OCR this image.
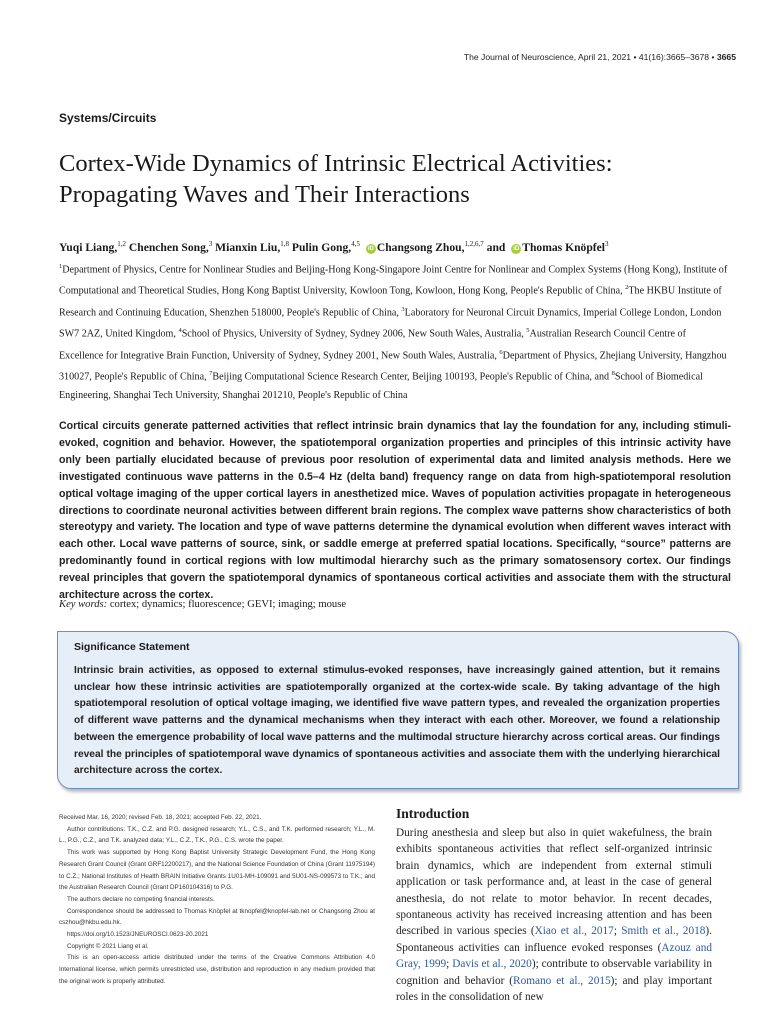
The Journal of Neuroscience, April 21, 2021 • 41(16):3665–3678 • 3665
Systems/Circuits
Cortex-Wide Dynamics of Intrinsic Electrical Activities:
Propagating Waves and Their Interactions
Yuqi Liang,$^{1,2}$ Chenchen Song,$^3$ Mianxin Liu,$^{1,8}$ Pulin Gong,$^{4,5}$ iD Changsong Zhou,$^{1,2,6,7}$ and iD Thomas Knöpfel$^3$
$^1$Department of Physics, Centre for Nonlinear Studies and Beijing-Hong Kong-Singapore Joint Centre for Nonlinear and Complex Systems (Hong Kong), Institute of Computational and Theoretical Studies, Hong Kong Baptist University, Kowloon Tong, Kowloon, Hong Kong, People's Republic of China, $^2$The HKBU Institute of Research and Continuing Education, Shenzhen 518000, People's Republic of China, $^3$Laboratory for Neuronal Circuit Dynamics, Imperial College London, London SW7 2AZ, United Kingdom, $^4$School of Physics, University of Sydney, Sydney 2006, New South Wales, Australia, $^5$Australian Research Council Centre of Excellence for Integrative Brain Function, University of Sydney, Sydney 2001, New South Wales, Australia, $^6$Department of Physics, Zhejiang University, Hangzhou 310027, People's Republic of China, $^7$Beijing Computational Science Research Center, Beijing 100193, People's Republic of China, and $^8$School of Biomedical Engineering, Shanghai Tech University, Shanghai 201210, People's Republic of China
Cortical circuits generate patterned activities that reflect intrinsic brain dynamics that lay the foundation for any, including stimuli-evoked, cognition and behavior. However, the spatiotemporal organization properties and principles of this intrinsic activity have only been partially elucidated because of previous poor resolution of experimental data and limited analysis methods. Here we investigated continuous wave patterns in the 0.5–4 Hz (delta band) frequency range on data from high-spatiotemporal resolution optical voltage imaging of the upper cortical layers in anesthetized mice. Waves of population activities propagate in heterogeneous directions to coordinate neuronal activities between different brain regions. The complex wave patterns show characteristics of both stereotypy and variety. The location and type of wave patterns determine the dynamical evolution when different waves interact with each other. Local wave patterns of source, sink, or saddle emerge at preferred spatial locations. Specifically, “source” patterns are predominantly found in cortical regions with low multimodal hierarchy such as the primary somatosensory cortex. Our findings reveal principles that govern the spatiotemporal dynamics of spontaneous cortical activities and associate them with the structural architecture across the cortex.
Key words: cortex; dynamics; fluorescence; GEVI; imaging; mouse
Significance Statement
Intrinsic brain activities, as opposed to external stimulus-evoked responses, have increasingly gained attention, but it remains unclear how these intrinsic activities are spatiotemporally organized at the cortex-wide scale. By taking advantage of the high spatiotemporal resolution of optical voltage imaging, we identified five wave pattern types, and revealed the organization properties of different wave patterns and the dynamical mechanisms when they interact with each other. Moreover, we found a relationship between the emergence probability of local wave patterns and the multimodal structure hierarchy across cortical areas. Our findings reveal the principles of spatiotemporal wave dynamics of spontaneous activities and associate them with the underlying hierarchical architecture across the cortex.

Received Mar. 16, 2020; revised Feb. 18, 2021; accepted Feb. 22, 2021.

Author contributions: T.K., C.Z. and P.G. designed research; Y.L., C.S., and T.K. performed research; Y.L., M. L., P.G., C.Z., and T.K. analyzed data; Y.L., C.Z., T.K., P.G., C.S. wrote the paper.

This work was supported by Hong Kong Baptist University Strategic Development Fund, the Hong Kong Research Grant Council (Grant GRF12200217), and the National Science Foundation of China (Grant 11975194) to C.Z.; National Institutes of Health BRAIN Initiative Grants 1U01-MH-109091 and 5U01-NS-099573 to T.K.; and the Australian Research Council (Grant DP160104316) to P.G.

The authors declare no competing financial interests.

Correspondence should be addressed to Thomas Knöpfel at tknopfel@knopfel-lab.net or Changsong Zhou at cszhou@hkbu.edu.hk.

https://doi.org/10.1523/JNEUROSCI.0623-20.2021

Copyright © 2021 Liang et al.

This is an open-access article distributed under the terms of the Creative Commons Attribution 4.0 International license, which permits unrestricted use, distribution and reproduction in any medium provided that the original work is properly attributed.

Introduction
During anesthesia and sleep but also in quiet wakefulness, the brain exhibits spontaneous activities that reflect self-organized intrinsic brain dynamics, which are independent from external stimuli application or task performance and, at least in the case of general anesthesia, do not relate to motor behavior. In recent decades, spontaneous activity has received increasing attention and has been described in various species (Xiao et al., 2017; Smith et al., 2018). Spontaneous activities can influence evoked responses (Azouz and Gray, 1999; Davis et al., 2020); contribute to observable variability in cognition and behavior (Romano et al., 2015); and play important roles in the consolidation of new
